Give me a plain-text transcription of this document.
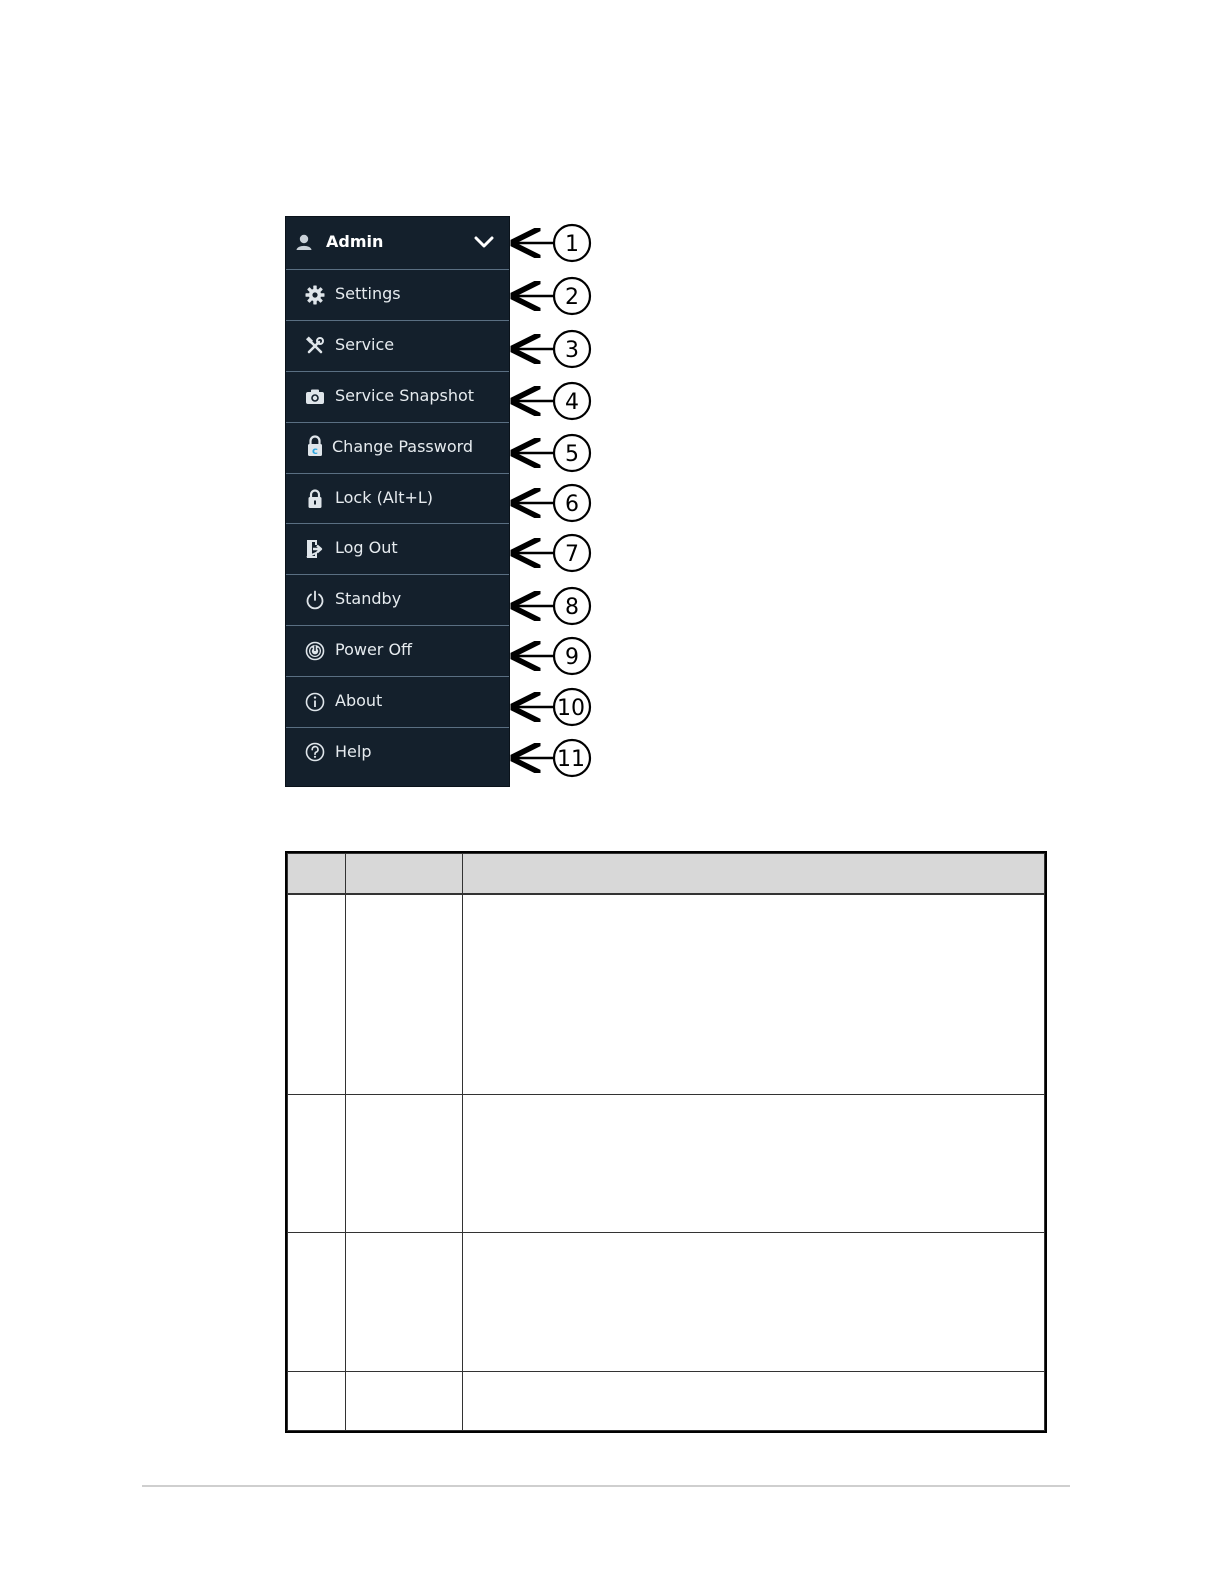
Admin
Settings
Service
Service Snapshot
c Change Password
Lock (Alt+L)
Log Out
Standby
Power Off
About
Help
1
2
3
4
5
6
7
8
9
10
11
